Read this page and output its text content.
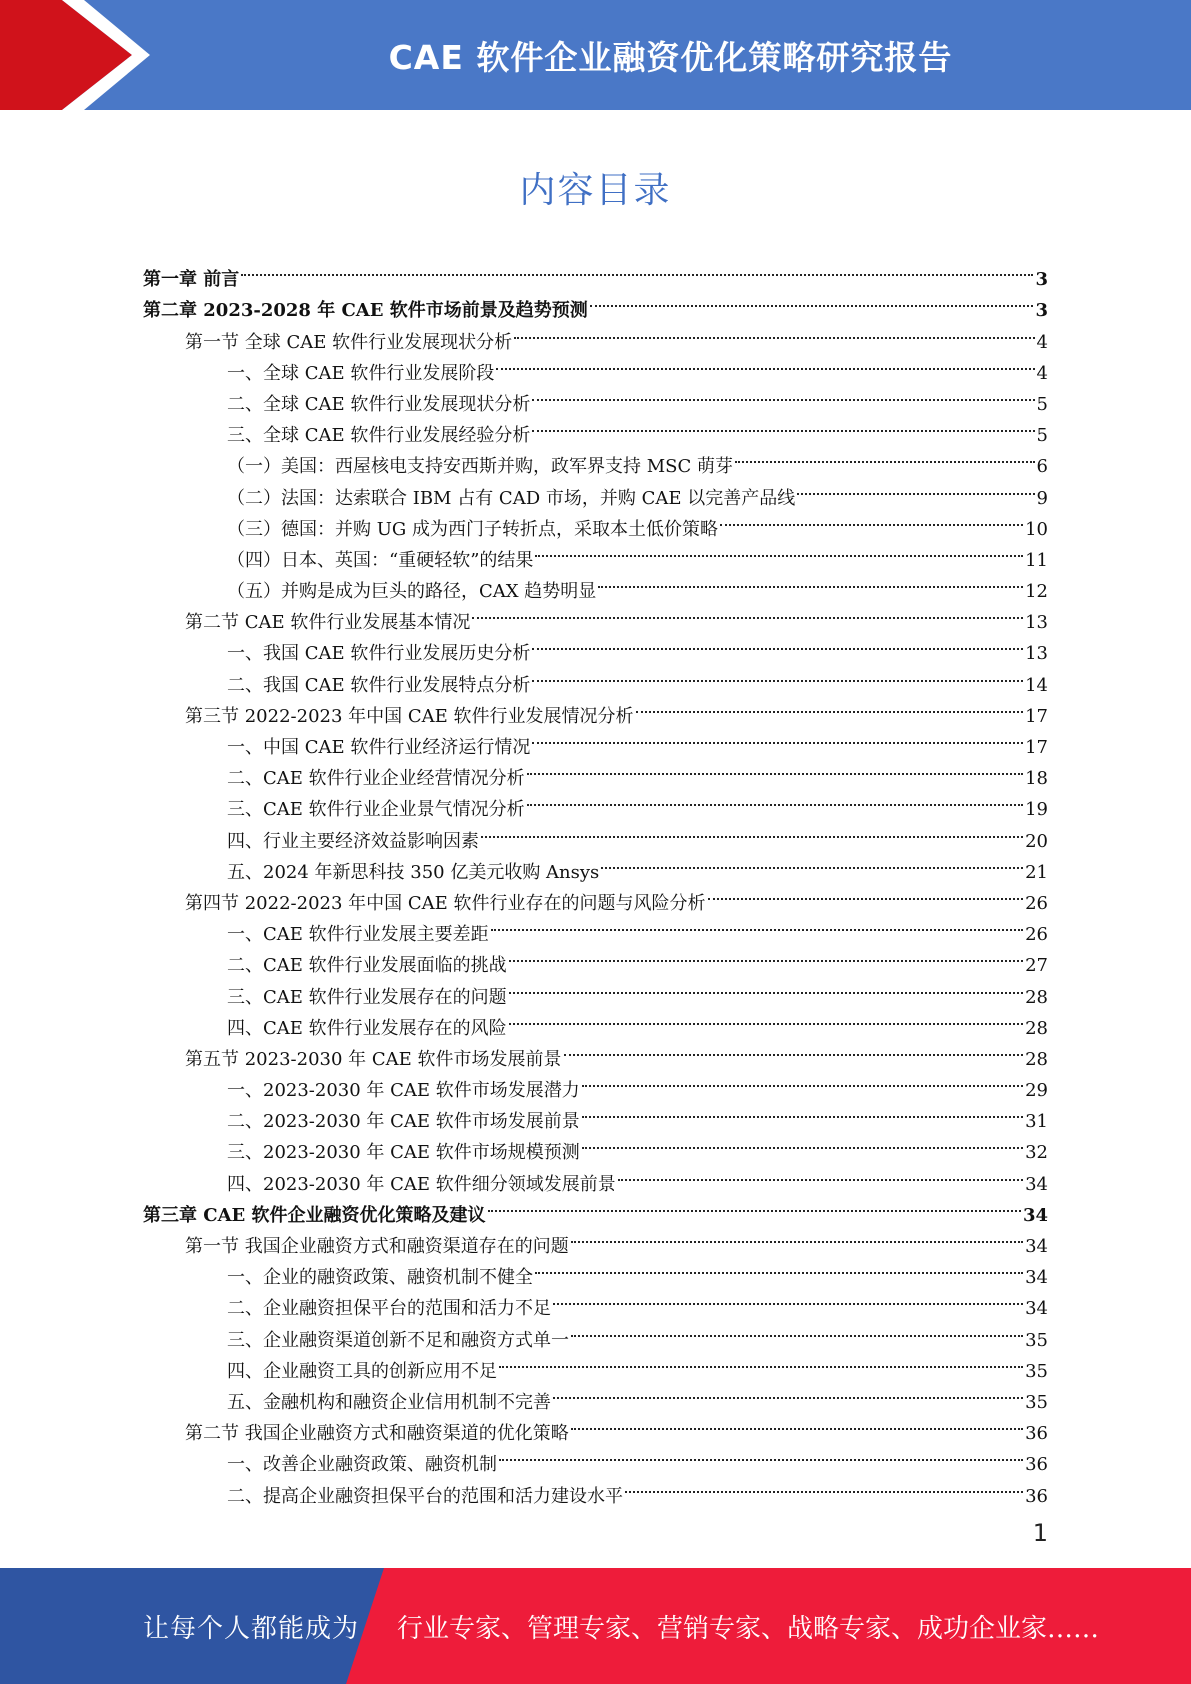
CAE 软件企业融资优化策略研究报告
内容目录
第一章 前言	3
第二章 2023-2028 年 CAE 软件市场前景及趋势预测	3
第一节 全球 CAE 软件行业发展现状分析	4
一、全球 CAE 软件行业发展阶段	4
二、全球 CAE 软件行业发展现状分析	5
三、全球 CAE 软件行业发展经验分析	5
（一）美国：西屋核电支持安西斯并购，政军界支持 MSC 萌芽	6
（二）法国：达索联合 IBM 占有 CAD 市场，并购 CAE 以完善产品线	9
（三）德国：并购 UG 成为西门子转折点，采取本土低价策略	10
（四）日本、英国：“重硬轻软”的结果	11
（五）并购是成为巨头的路径，CAX 趋势明显	12
第二节 CAE 软件行业发展基本情况	13
一、我国 CAE 软件行业发展历史分析	13
二、我国 CAE 软件行业发展特点分析	14
第三节 2022-2023 年中国 CAE 软件行业发展情况分析	17
一、中国 CAE 软件行业经济运行情况	17
二、CAE 软件行业企业经营情况分析	18
三、CAE 软件行业企业景气情况分析	19
四、行业主要经济效益影响因素	20
五、2024 年新思科技 350 亿美元收购 Ansys	21
第四节 2022-2023 年中国 CAE 软件行业存在的问题与风险分析	26
一、CAE 软件行业发展主要差距	26
二、CAE 软件行业发展面临的挑战	27
三、CAE 软件行业发展存在的问题	28
四、CAE 软件行业发展存在的风险	28
第五节 2023-2030 年 CAE 软件市场发展前景	28
一、2023-2030 年 CAE 软件市场发展潜力	29
二、2023-2030 年 CAE 软件市场发展前景	31
三、2023-2030 年 CAE 软件市场规模预测	32
四、2023-2030 年 CAE 软件细分领域发展前景	34
第三章 CAE 软件企业融资优化策略及建议	34
第一节 我国企业融资方式和融资渠道存在的问题	34
一、企业的融资政策、融资机制不健全	34
二、企业融资担保平台的范围和活力不足	34
三、企业融资渠道创新不足和融资方式单一	35
四、企业融资工具的创新应用不足	35
五、金融机构和融资企业信用机制不完善	35
第二节 我国企业融资方式和融资渠道的优化策略	36
一、改善企业融资政策、融资机制	36
二、提高企业融资担保平台的范围和活力建设水平	36
1
让每个人都能成为 行业专家、管理专家、营销专家、战略专家、成功企业家……
